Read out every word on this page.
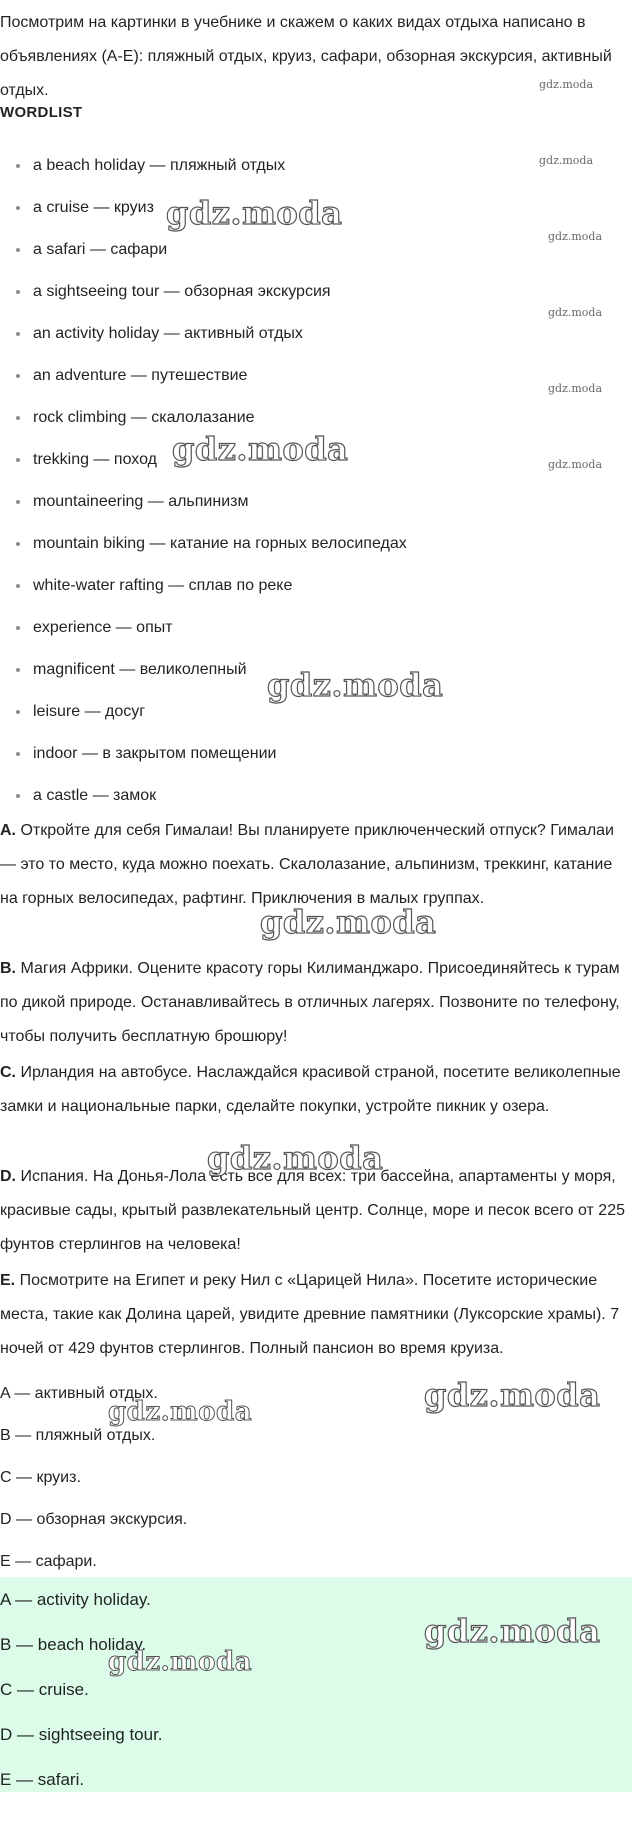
Посмотрим на картинки в учебнике и скажем о каких видах отдыха написано в объявлениях (A-E): пляжный отдых, круиз, сафари, обзорная экскурсия, активный отдых.

WORDLIST

a beach holiday — пляжный отдых
a cruise — круиз
a safari — сафари
a sightseeing tour — обзорная экскурсия
an activity holiday — активный отдых
an adventure — путешествие
rock climbing — скалолазание
trekking — поход
mountaineering — альпинизм
mountain biking — катание на горных велосипедах
white-water rafting — сплав по реке
experience — опыт
magnificent — великолепный
leisure — досуг
indoor — в закрытом помещении
a castle — замок

A. Откройте для себя Гималаи! Вы планируете приключенческий отпуск? Гималаи — это то место, куда можно поехать. Скалолазание, альпинизм, треккинг, катание на горных велосипедах, рафтинг. Приключения в малых группах.

B. Магия Африки. Оцените красоту горы Килиманджаро. Присоединяйтесь к турам по дикой природе. Останавливайтесь в отличных лагерях. Позвоните по телефону, чтобы получить бесплатную брошюру!

C. Ирландия на автобусе. Наслаждайся красивой страной, посетите великолепные замки и национальные парки, сделайте покупки, устройте пикник у озера.

D. Испания. На Донья-Лола есть все для всех: три бассейна, апартаменты у моря, красивые сады, крытый развлекательный центр. Солнце, море и песок всего от 225 фунтов стерлингов на человека!

E. Посмотрите на Египет и реку Нил с «Царицей Нила». Посетите исторические места, такие как Долина царей, увидите древние памятники (Луксорские храмы). 7 ночей от 429 фунтов стерлингов. Полный пансион во время круиза.

A — активный отдых.
B — пляжный отдых.
C — круиз.
D — обзорная экскурсия.
E — сафари.
A — activity holiday.
B — beach holiday.
C — cruise.
D — sightseeing tour.
E — safari.
gdz.moda
gdz.moda
gdz.moda
gdz.moda
gdz.moda
gdz.moda
gdz.moda
gdz.moda
gdz.moda
gdz.moda
gdz.moda
gdz.moda
gdz.moda
gdz.moda
gdz.moda
